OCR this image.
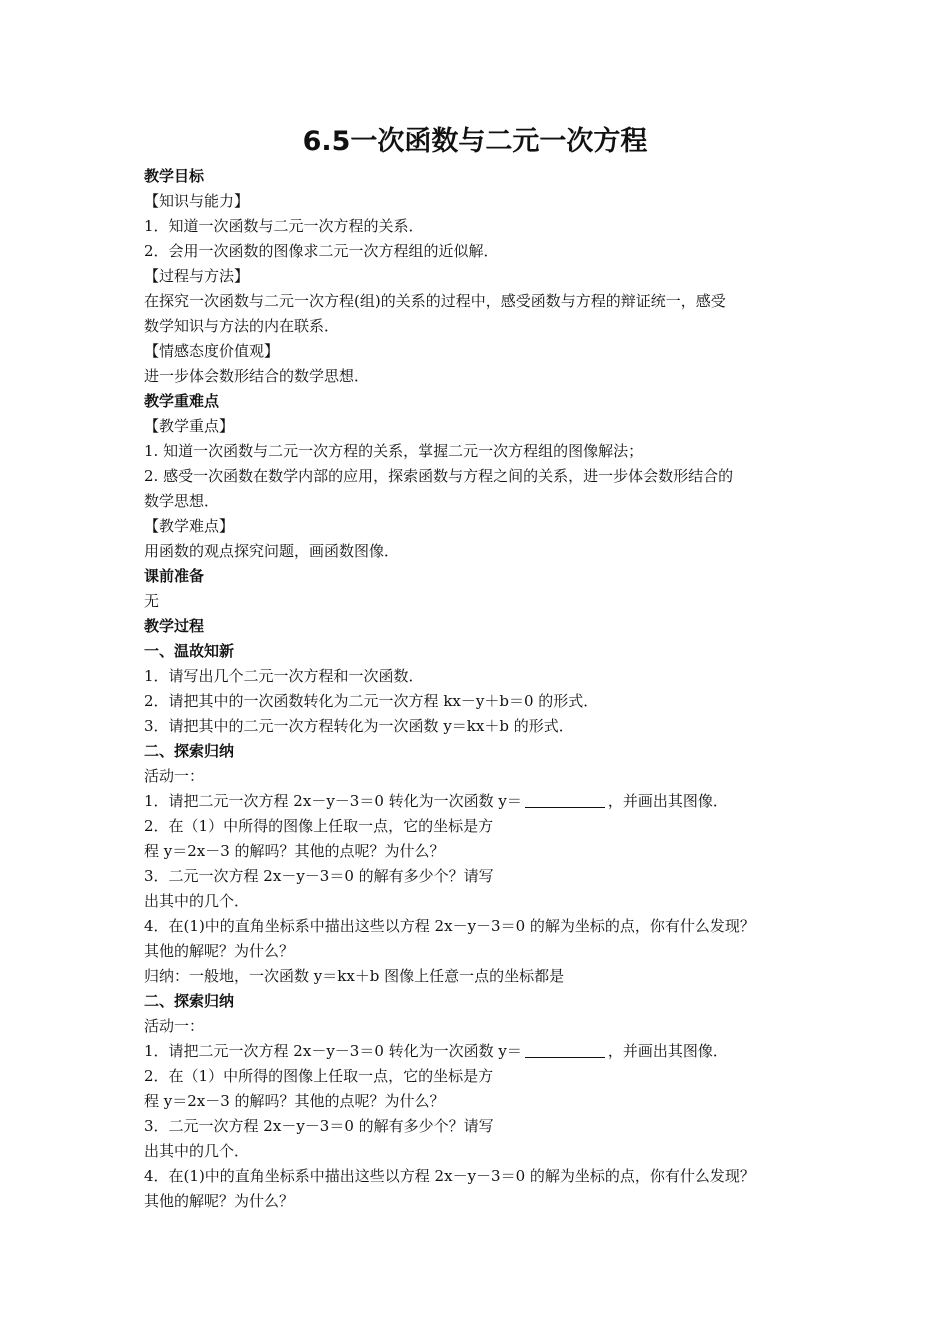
6.5一次函数与二元一次方程
教学目标
【知识与能力】
1．知道一次函数与二元一次方程的关系．
2．会用一次函数的图像求二元一次方程组的近似解．
【过程与方法】
在探究一次函数与二元一次方程(组)的关系的过程中，感受函数与方程的辩证统一，感受
数学知识与方法的内在联系．
【情感态度价值观】
进一步体会数形结合的数学思想．
教学重难点
【教学重点】
1. 知道一次函数与二元一次方程的关系，掌握二元一次方程组的图像解法；
2. 感受一次函数在数学内部的应用，探索函数与方程之间的关系，进一步体会数形结合的
数学思想．
【教学难点】
用函数的观点探究问题，画函数图像．
课前准备
无
教学过程
一、温故知新
1．请写出几个二元一次方程和一次函数．
2．请把其中的一次函数转化为二元一次方程 kx－y＋b＝0 的形式．
3．请把其中的二元一次方程转化为一次函数 y＝kx＋b 的形式．
二、探索归纳
活动一：
1．请把二元一次方程 2x－y－3＝0 转化为一次函数 y＝	，并画出其图像．
2．在（1）中所得的图像上任取一点，它的坐标是方
程 y＝2x－3 的解吗？其他的点呢？为什么？
3．二元一次方程 2x－y－3＝0 的解有多少个？请写
出其中的几个．
4．在(1)中的直角坐标系中描出这些以方程 2x－y－3＝0 的解为坐标的点，你有什么发现？
其他的解呢？为什么？
归纳：一般地，一次函数 y＝kx＋b 图像上任意一点的坐标都是
二、探索归纳
活动一：
1．请把二元一次方程 2x－y－3＝0 转化为一次函数 y＝	，并画出其图像．
2．在（1）中所得的图像上任取一点，它的坐标是方
程 y＝2x－3 的解吗？其他的点呢？为什么？
3．二元一次方程 2x－y－3＝0 的解有多少个？请写
出其中的几个．
4．在(1)中的直角坐标系中描出这些以方程 2x－y－3＝0 的解为坐标的点，你有什么发现？
其他的解呢？为什么？
